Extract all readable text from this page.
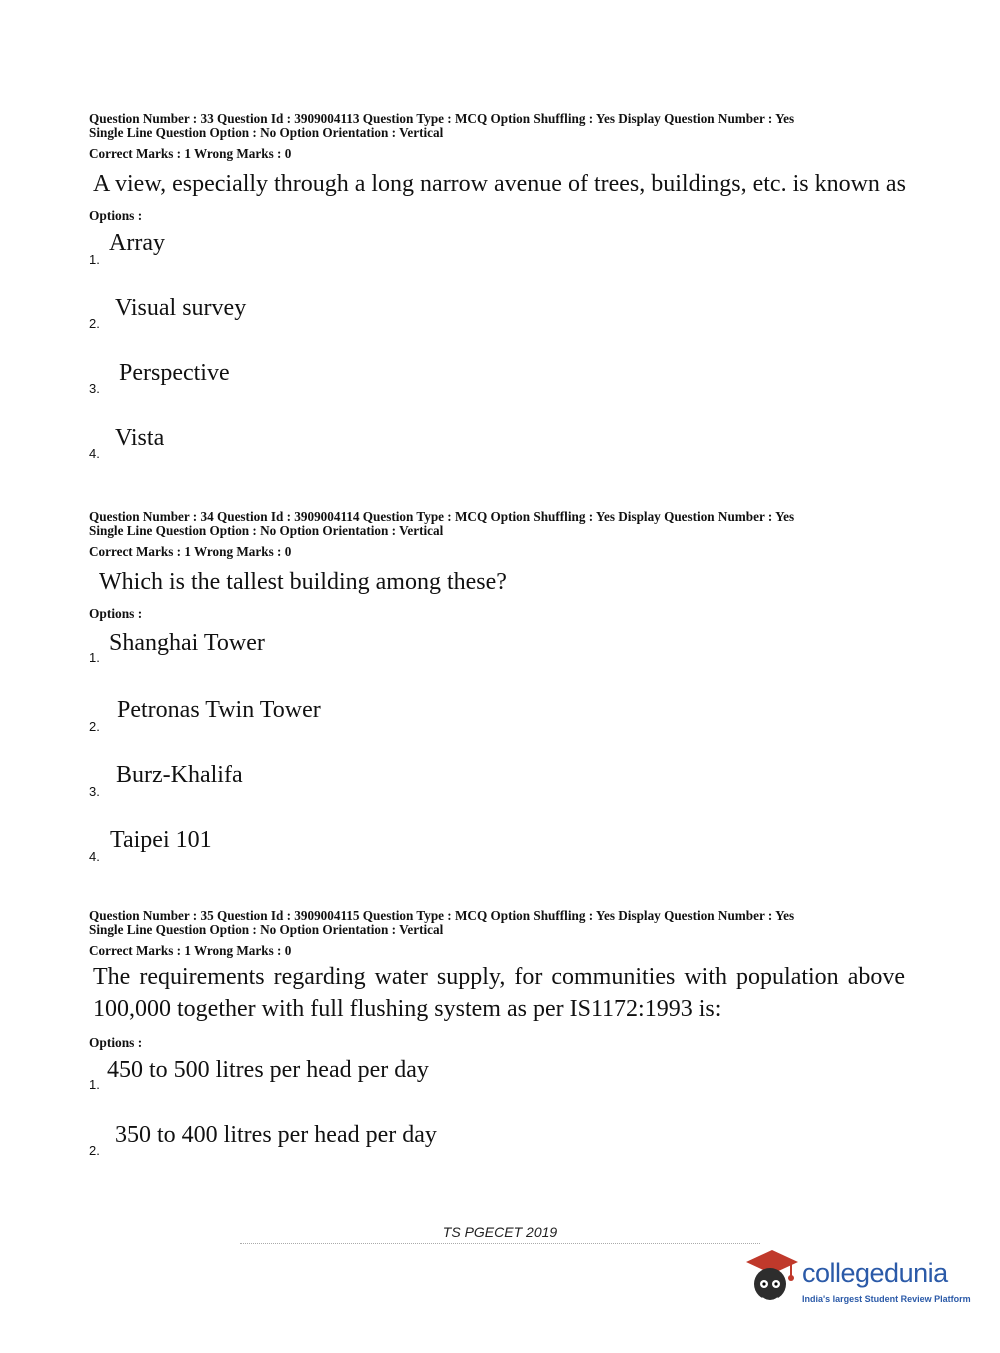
Question Number : 33 Question Id : 3909004113 Question Type : MCQ Option Shuffling : Yes Display Question Number : Yes
Single Line Question Option : No Option Orientation : Vertical
Correct Marks : 1 Wrong Marks : 0
A view, especially through a long narrow avenue of trees, buildings, etc. is known as
Options :
1.
Array
2.
Visual survey
3.
Perspective
4.
Vista
Question Number : 34 Question Id : 3909004114 Question Type : MCQ Option Shuffling : Yes Display Question Number : Yes
Single Line Question Option : No Option Orientation : Vertical
Correct Marks : 1 Wrong Marks : 0
Which is the tallest building among these?
Options :
1.
Shanghai Tower
2.
Petronas Twin Tower
3.
Burz-Khalifa
4.
Taipei 101
Question Number : 35 Question Id : 3909004115 Question Type : MCQ Option Shuffling : Yes Display Question Number : Yes
Single Line Question Option : No Option Orientation : Vertical
Correct Marks : 1 Wrong Marks : 0
The requirements regarding water supply, for communities with population above 100,000 together with full flushing system as per IS1172:1993 is:
Options :
1.
450 to 500 litres per head per day
2.
350 to 400 litres per head per day
TS PGECET 2019
collegedunia
India's largest Student Review Platform
